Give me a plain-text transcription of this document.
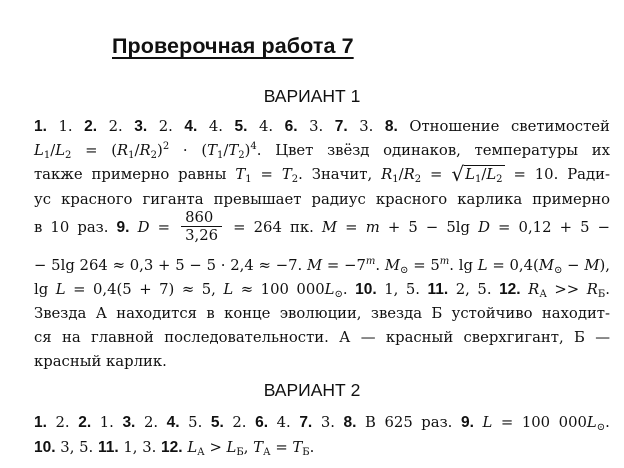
Проверочная работа 7
ВАРИАНТ 1
1. 1. 2. 2. 3. 2. 4. 4. 5. 4. 6. 3. 7. 3. 8. Отношение светимостей
$L_1/L_2 = (R_1/R_2)^2 \cdot (T_1/T_2)^4$. Цвет звёзд одинаков, температуры их
также примерно равны $T_1 = T_2$. Значит, $R_1/R_2 = √L_1/L_2 = 10$. Ради-
ус красного гиганта превышает радиус красного карлика примерно
в 10 раз. 9. $D = \frac{860}{3,26} = 264$ пк. M = m + 5 − 5lg D = 0,12 + 5 −
− 5lg 264 ≈ 0,3 + 5 − 5 · 2,4 ≈ −7. $M = -7^m$. $M_⊙ = 5^m$. $\lg L = 0,4(M_⊙ - M)$,
lg L = 0,4(5 + 7) ≈ 5, L ≈ 100 $000L_⊙$. 10. 1, 5. 11. 2, 5. 12. $R_А >> R_Б$.
Звезда А находится в конце эволюции, звезда Б устойчиво находит-
ся на главной последовательности. А — красный сверхгигант, Б —
красный карлик.
ВАРИАНТ 2
1. 2. 2. 1. 3. 2. 4. 5. 5. 2. 6. 4. 7. 3. 8. В 625 раз. 9. L = 100 $000L_⊙$.
10. 3, 5. 11. 1, 3. 12. $L_А > L_Б$, $T_А = T_Б$.
